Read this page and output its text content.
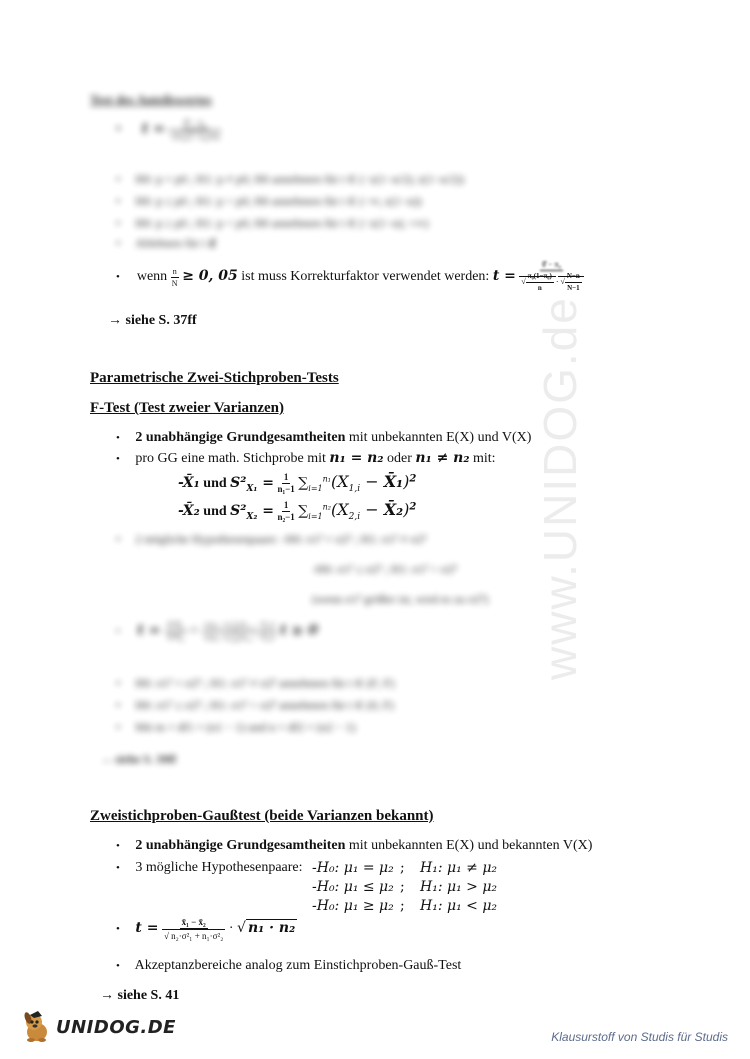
www.UNIDOG.de
Test des Anteilswertes
•      $t = \frac{\text{θ̂ − π₀}}{\text{√(π₀(1−π₀)/n)}}$
•     H0: p = p0 ; H1: p ≠ p0; H0 annehmen für t ∈ (−z(1−α/2); z(1−α/2))
•     H0: p ≤ p0 ; H1: p > p0; H0 annehmen für t ∈ (−∞; z(1−α))
•     H0: p ≥ p0 ; H1: p < p0; H0 annehmen für t ∈ (−z(1−α); +∞)
•     Ablehnen für t ∉
• wenn $\frac{n}{N} \ge 0$, 05 ist muss Korrekturfaktor verwendet werden: $t = \frac{\text{θ̂ − π₀}}{√ \frac{\text{π₀(1−π₀)}}{n} \cdot √ \frac{N-n}{N-1}}$
→ siehe S. 37ff
Parametrische Zwei-Stichproben-Tests
F-Test (Test zweier Varianzen)
• 2 unabhängige Grundgesamtheiten mit unbekannten E(X) und V(X)
• pro GG eine math. Stichprobe mit n₁ = n₂ oder n₁ ≠ n₂ mit:
-X̄₁ und $S^2_{X_1} = \frac{1}{\text{n₁−1}} \sum_{i=1}^{n_1}(X_{1,i}$ − X̄₁)$^2$
-X̄₂ und $S^2_{X_2} = \frac{1}{\text{n₂−1}} \sum_{i=1}^{n_2}(X_{2,i}$ − X̄₂)$^2$
•     2 mögliche Hypothesenpaare: -H0: σ1² = σ2² ; H1: σ1² ≠ σ2²
-H0: σ1² ≤ σ2² ; H1: σ1² > σ2²
(wenn σ1² größer ist, wird es zu σ2²)
• $t = \frac{\text{S²X₁}}{\text{S²X₂}} = \frac{\text{1/(n₁−1) ∑(X₁,ᵢ − X̄₁)²}}{\text{1/(n₂−1) ∑(X₂,ᵢ − X̄₂)²}}$ t ≥ 0
•     H0: σ1² = σ2² ; H1: σ1² ≠ σ2² annehmen für t ∈ (F; F)
•     H0: σ1² ≤ σ2² ; H1: σ1² > σ2² annehmen für t ∈ (0; F)
•     Mit m = df1 = (n1 − 1) und n = df2 = (n2 − 1)
→ siehe S. 39ff
Zweistichproben-Gaußtest (beide Varianzen bekannt)
• 2 unabhängige Grundgesamtheiten mit unbekannten E(X) und bekannten V(X)
• 3 mögliche Hypothesenpaare: -H₀: μ₁ = μ₂ ; H₁: μ₁ ≠ μ₂
-H₀: μ₁ ≤ μ₂ ; H₁: μ₁ > μ₂
-H₀: μ₁ ≥ μ₂ ; H₁: μ₁ < μ₂
• $t = \frac{\text{x̄₁ − x̄₂}}{\text{√ n₂·σ²₁ + n₁·σ²₂}}$ · √ n₁ · n₂
• Akzeptanzbereiche analog zum Einstichproben-Gauß-Test
→ siehe S. 41
UNIDOG.DE	Klausurstoff von Studis für Studis
